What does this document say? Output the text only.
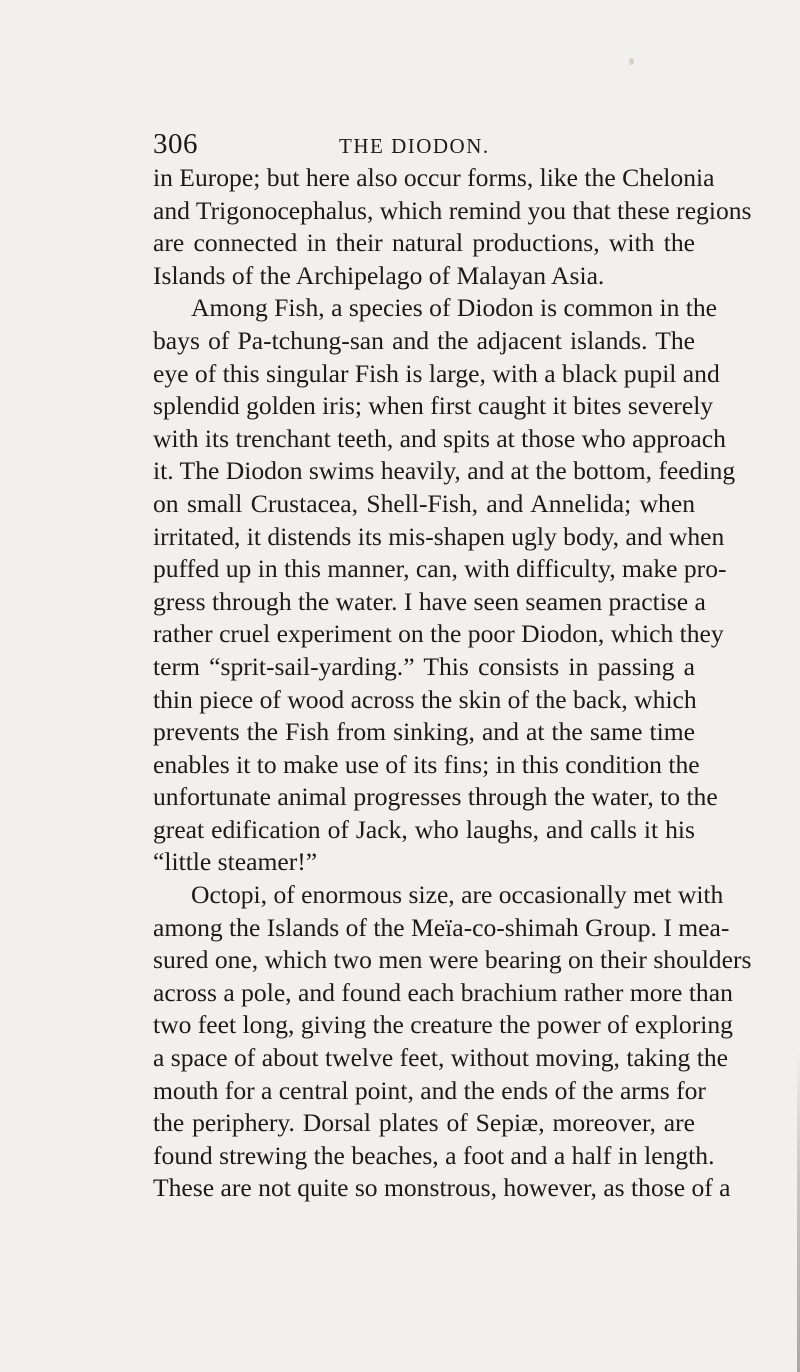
306	THE DIODON.
in Europe; but here also occur forms, like the Chelonia
and Trigonocephalus, which remind you that these regions
are connected in their natural productions, with the
Islands of the Archipelago of Malayan Asia.
Among Fish, a species of Diodon is common in the
bays of Pa-tchung-san and the adjacent islands. The
eye of this singular Fish is large, with a black pupil and
splendid golden iris; when first caught it bites severely
with its trenchant teeth, and spits at those who approach
it. The Diodon swims heavily, and at the bottom, feeding
on small Crustacea, Shell-Fish, and Annelida; when
irritated, it distends its mis-shapen ugly body, and when
puffed up in this manner, can, with difficulty, make pro-
gress through the water. I have seen seamen practise a
rather cruel experiment on the poor Diodon, which they
term “sprit-sail-yarding.” This consists in passing a
thin piece of wood across the skin of the back, which
prevents the Fish from sinking, and at the same time
enables it to make use of its fins; in this condition the
unfortunate animal progresses through the water, to the
great edification of Jack, who laughs, and calls it his
“little steamer!”
Octopi, of enormous size, are occasionally met with
among the Islands of the Meïa-co-shimah Group. I mea-
sured one, which two men were bearing on their shoulders
across a pole, and found each brachium rather more than
two feet long, giving the creature the power of exploring
a space of about twelve feet, without moving, taking the
mouth for a central point, and the ends of the arms for
the periphery. Dorsal plates of Sepiæ, moreover, are
found strewing the beaches, a foot and a half in length.
These are not quite so monstrous, however, as those of a
